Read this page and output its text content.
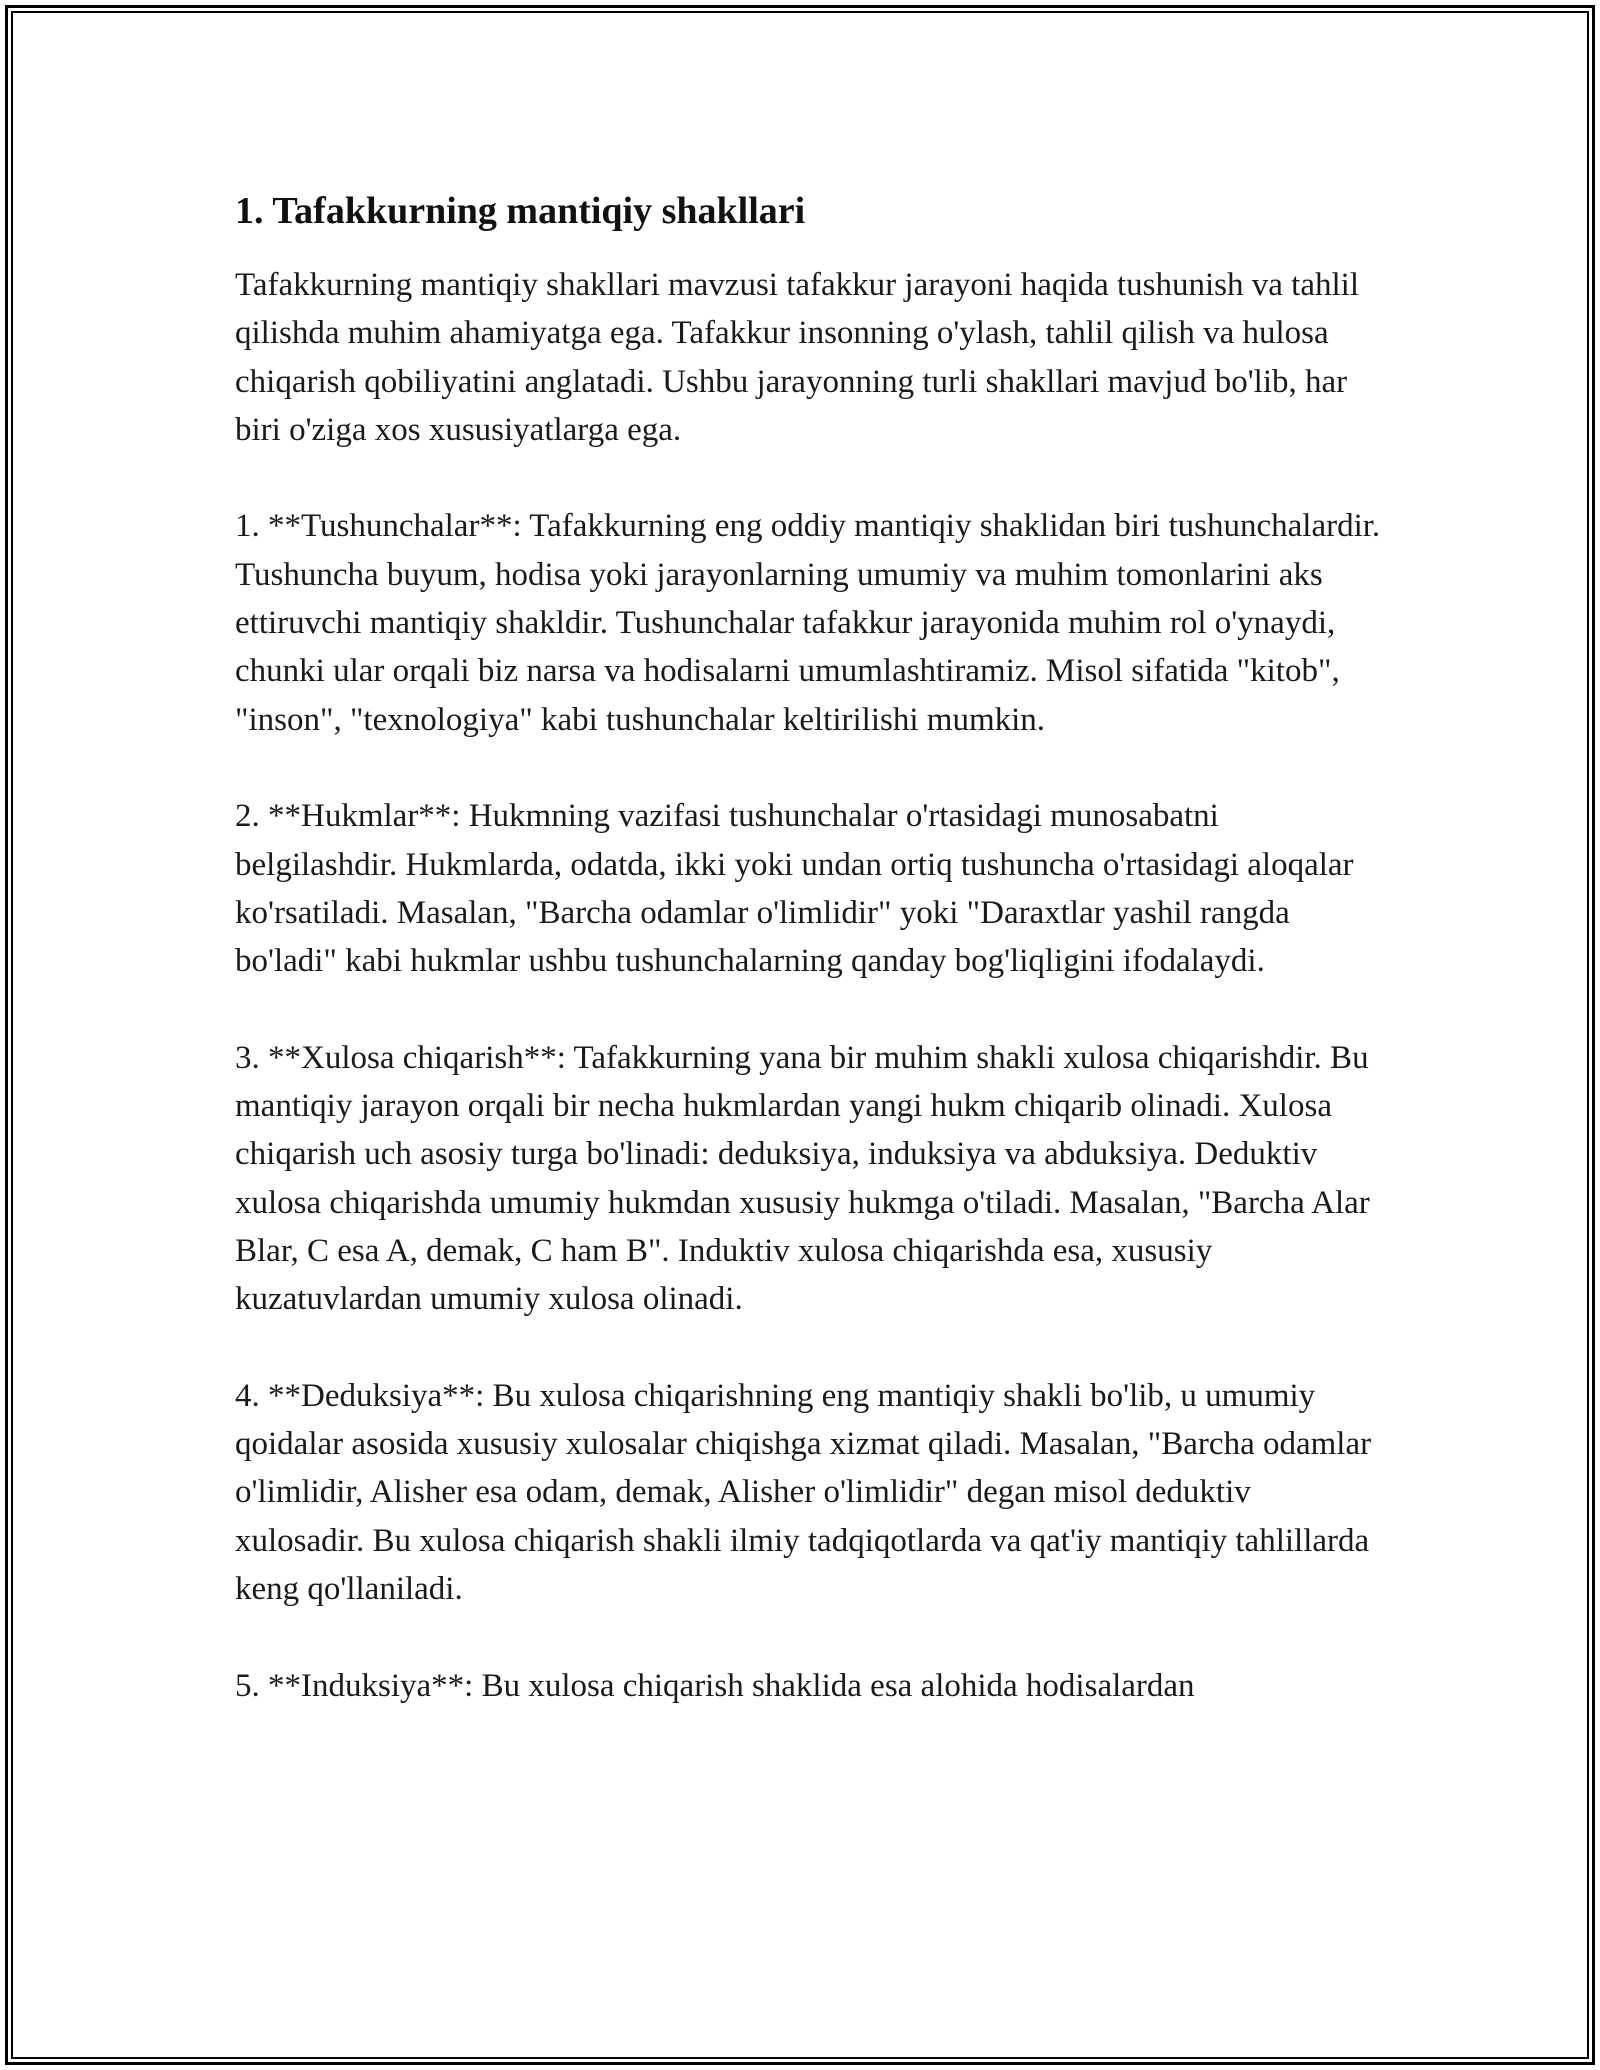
1. Tafakkurning mantiqiy shakllari

Tafakkurning mantiqiy shakllari mavzusi tafakkur jarayoni haqida tushunish va tahlil qilishda muhim ahamiyatga ega. Tafakkur insonning o'ylash, tahlil qilish va hulosa chiqarish qobiliyatini anglatadi. Ushbu jarayonning turli shakllari mavjud bo'lib, har biri o'ziga xos xususiyatlarga ega.

1. **Tushunchalar**: Tafakkurning eng oddiy mantiqiy shaklidan biri tushunchalardir. Tushuncha buyum, hodisa yoki jarayonlarning umumiy va muhim tomonlarini aks ettiruvchi mantiqiy shakldir. Tushunchalar tafakkur jarayonida muhim rol o'ynaydi, chunki ular orqali biz narsa va hodisalarni umumlashtiramiz. Misol sifatida "kitob", "inson", "texnologiya" kabi tushunchalar keltirilishi mumkin.

2. **Hukmlar**: Hukmning vazifasi tushunchalar o'rtasidagi munosabatni belgilashdir. Hukmlarda, odatda, ikki yoki undan ortiq tushuncha o'rtasidagi aloqalar ko'rsatiladi. Masalan, "Barcha odamlar o'limlidir" yoki "Daraxtlar yashil rangda bo'ladi" kabi hukmlar ushbu tushunchalarning qanday bog'liqligini ifodalaydi.

3. **Xulosa chiqarish**: Tafakkurning yana bir muhim shakli xulosa chiqarishdir. Bu mantiqiy jarayon orqali bir necha hukmlardan yangi hukm chiqarib olinadi. Xulosa chiqarish uch asosiy turga bo'linadi: deduksiya, induksiya va abduksiya. Deduktiv xulosa chiqarishda umumiy hukmdan xususiy hukmga o'tiladi. Masalan, "Barcha Alar Blar, C esa A, demak, C ham B". Induktiv xulosa chiqarishda esa, xususiy kuzatuvlardan umumiy xulosa olinadi.

4. **Deduksiya**: Bu xulosa chiqarishning eng mantiqiy shakli bo'lib, u umumiy qoidalar asosida xususiy xulosalar chiqishga xizmat qiladi. Masalan, "Barcha odamlar o'limlidir, Alisher esa odam, demak, Alisher o'limlidir" degan misol deduktiv xulosadir. Bu xulosa chiqarish shakli ilmiy tadqiqotlarda va qat'iy mantiqiy tahlillarda keng qo'llaniladi.

5. **Induksiya**: Bu xulosa chiqarish shaklida esa alohida hodisalardan
